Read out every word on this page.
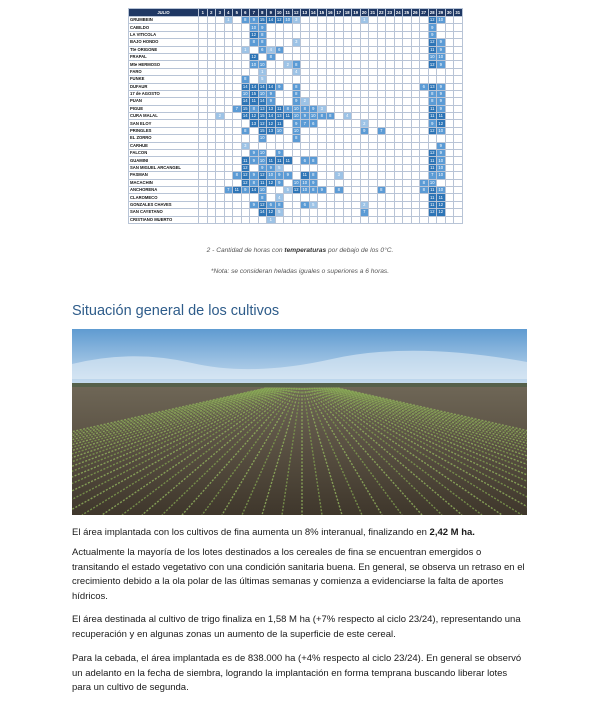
JULIO	1	2	3	4	5	6	7	8	9	10	11	12	13	14	15	16	17	18	19	20	21	22	23	24	25	26	27	28	29	30	31
GRUMBEIN				1		8	9	15	14	12	10	3								1								12	10		
CABILDO							10	9																				9			
LA VITICOLA							12	8																				9			
BAJO HONDO							8	8				3																12	9		
Tte ORIGONE						1		6	4	6																		11	9		
FRAPAL							12		8																			10	10		
Mte HERMOSO							10	10			2	8																12	9		
FARO								1				4																			
FUNKE						8		5																							
DUFAUR						14	14	14	14	9		8															6	13	9		
17 de AGOSTO						10	15	10	9			8																8	9		
PUAN						14	11	14	9			9	2															8	9		
PIGUE					7	15	8	13	13	11	8	10	8	9	3													11	9		
CURA MALAL			2			14	12	15	14	13	11	10	9	10	8	8		4										11	11		
SAN ELOY							13	12	12	11		9	7	6						2								9	12		
PRINGLES						8		15	13	10		10								9		7						12	10		
EL ZORRO								10				8																			
CARHUE						3																							9		
FALCON							9	10		9																		12	9		
GUAMINI						11	9	10	11	11	11		6	8														11	10		
SAN MIGUEL ARCANGEL						12		9	9	5																		11	10		
PASMAN					8	12	9	12	10	9	9		11	8			3											7	10		
MACACHIN						12	8	11	12	9		10	10	9													8	10			
ANCHORENA				7	11	9	14	10			5	12	10	8	9		8					8					8	11	10		
CLAROMECO								8		4																		11	11		
GONZALES CHAVES							9	12	6	8			6	5						2								11	12		
SAN CAYETANO								14	12	5										7								12	12		
CRISTIANO MUERTO									1																						
2 - Cantidad de horas con temperaturas por debajo de los 0°C.
*Nota: se consideran heladas iguales o superiores a 6 horas.
Situación general de los cultivos

El área implantada con los cultivos de fina aumenta un 8% interanual, finalizando en 2,42 M ha.

Actualmente la mayoría de los lotes destinados a los cereales de fina se encuentran emergidos o transitando el estado vegetativo con una condición sanitaria buena. En general, se observa un retraso en el crecimiento debido a la ola polar de las últimas semanas y comienza a evidenciarse la falta de aportes hídricos.

El área destinada al cultivo de trigo finaliza en 1,58 M ha (+7% respecto al ciclo 23/24), representando una recuperación y en algunas zonas un aumento de la superficie de este cereal.

Para la cebada, el área implantada es de 838.000 ha (+4% respecto al ciclo 23/24). En general se observó un adelanto en la fecha de siembra, logrando la implantación en forma temprana buscando liberar lotes para un cultivo de segunda.
